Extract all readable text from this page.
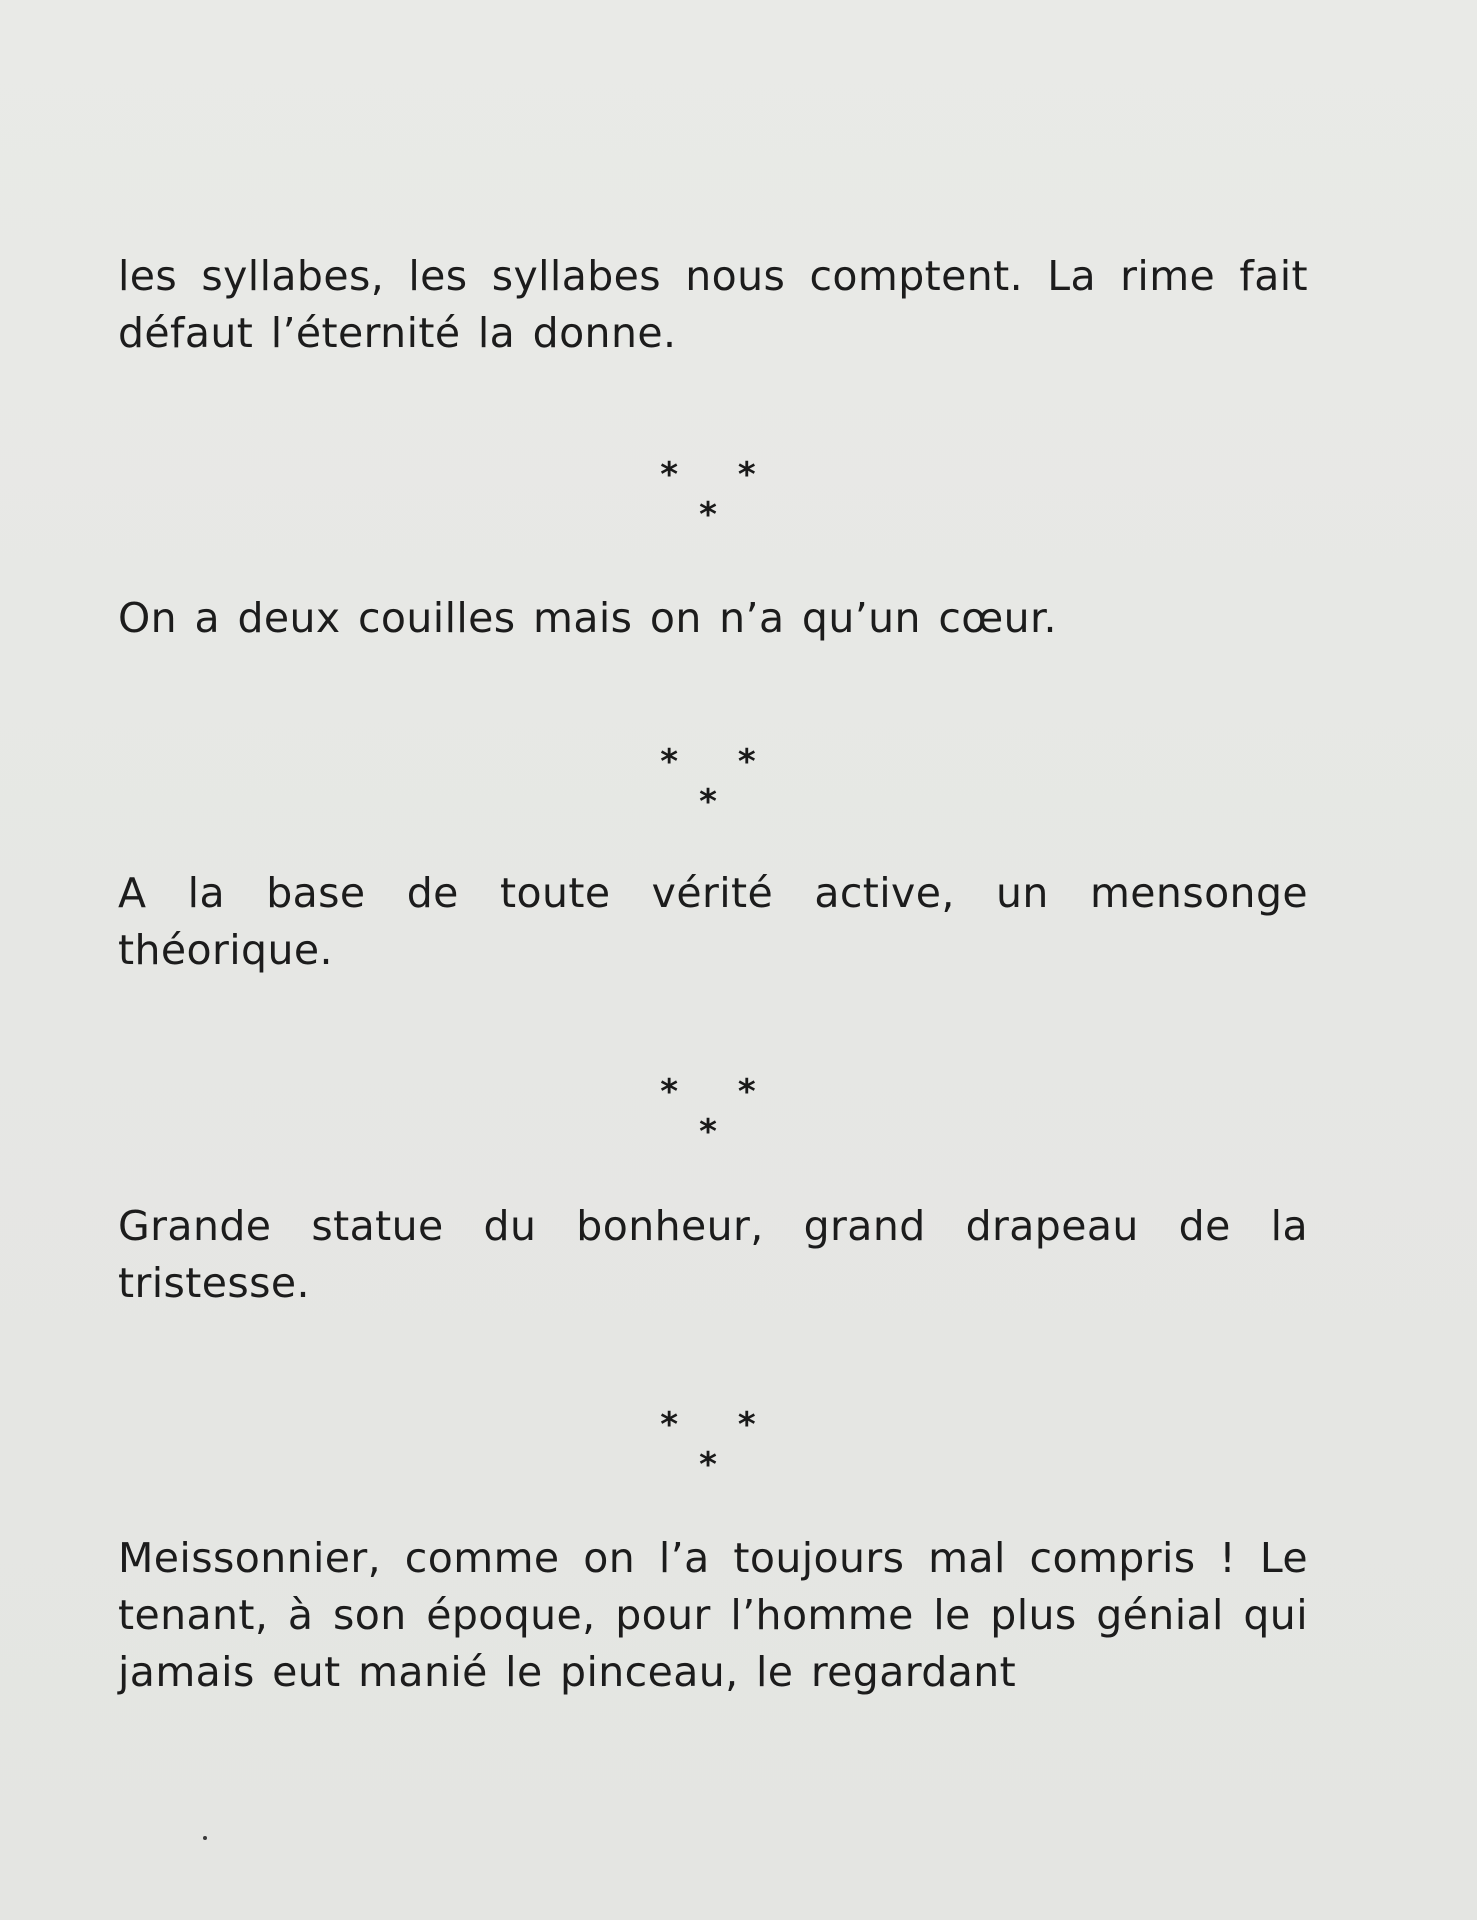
les syllabes, les syllabes nous comptent. La rime fait défaut l’éternité la donne.

* * *

On a deux couilles mais on n’a qu’un cœur.

* * *

A la base de toute vérité active, un mensonge théorique.

* * *

Grande statue du bonheur, grand drapeau de la tristesse.

* * *

Meissonnier, comme on l’a toujours mal compris ! Le tenant, à son époque, pour l’homme le plus génial qui jamais eut manié le pinceau, le regardant
